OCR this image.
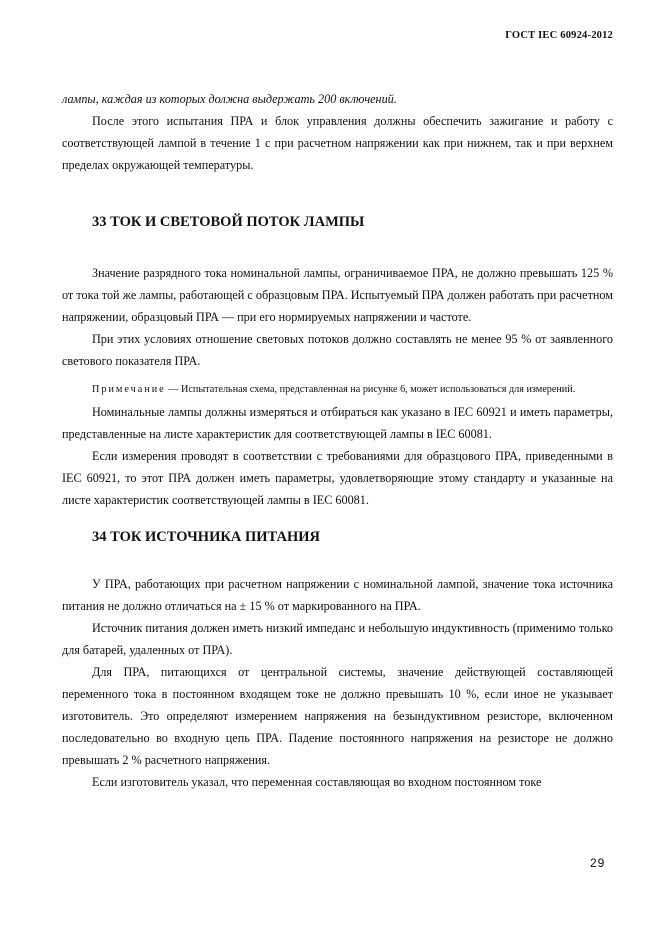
ГОСТ IEC 60924-2012

лампы, каждая из которых должна выдержать 200 включений.

После этого испытания ПРА и блок управления должны обеспечить зажигание и работу с соответствующей лампой в течение 1 с при расчетном напряжении как при нижнем, так и при верхнем пределах окружающей температуры.

33 ТОК И СВЕТОВОЙ ПОТОК ЛАМПЫ

Значение разрядного тока номинальной лампы, ограничиваемое ПРА, не должно превышать 125 % от тока той же лампы, работающей с образцовым ПРА. Испытуемый ПРА должен работать при расчетном напряжении, образцовый ПРА — при его нормируемых напряжении и частоте.

При этих условиях отношение световых потоков должно составлять не менее 95 % от заявленного светового показателя ПРА.

Примечание — Испытательная схема, представленная на рисунке 6, может использоваться для измерений.

Номинальные лампы должны измеряться и отбираться как указано в IEC 60921 и иметь параметры, представленные на листе характеристик для соответствующей лампы в IEC 60081.

Если измерения проводят в соответствии с требованиями для образцового ПРА, приведенными в IEC 60921, то этот ПРА должен иметь параметры, удовлетворяющие этому стандарту и указанные на листе характеристик соответствующей лампы в IEC 60081.

34 ТОК ИСТОЧНИКА ПИТАНИЯ

У ПРА, работающих при расчетном напряжении с номинальной лампой, значение тока источника питания не должно отличаться на ± 15 % от маркированного на ПРА.

Источник питания должен иметь низкий импеданс и небольшую индуктивность (применимо только для батарей, удаленных от ПРА).

Для ПРА, питающихся от центральной системы, значение действующей составляющей переменного тока в постоянном входящем токе не должно превышать 10 %, если иное не указывает изготовитель. Это определяют измерением напряжения на безындуктивном резисторе, включенном последовательно во входную цепь ПРА. Падение постоянного напряжения на резисторе не должно превышать 2 % расчетного напряжения.

Если изготовитель указал, что переменная составляющая во входном постоянном токе

29
